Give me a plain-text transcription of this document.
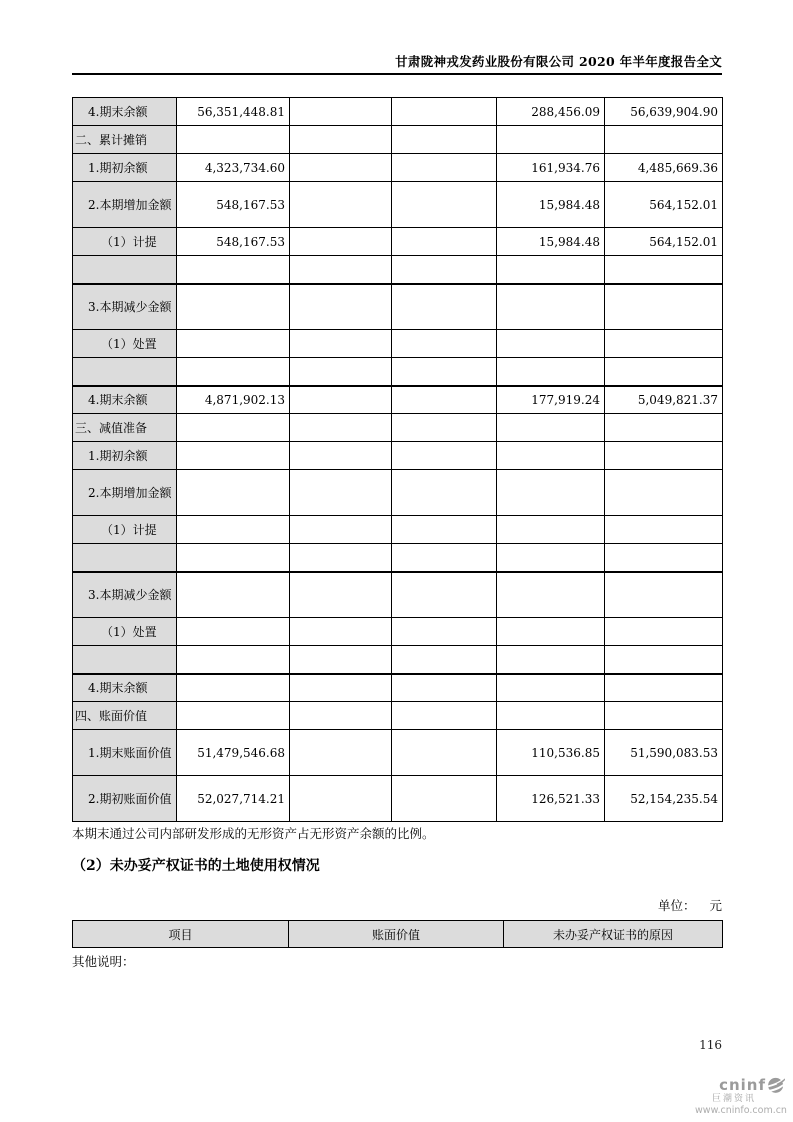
甘肃陇神戎发药业股份有限公司 2020 年半年度报告全文
4.期末余额	56,351,448.81			288,456.09	56,639,904.90
二、累计摊销					
1.期初余额	4,323,734.60			161,934.76	4,485,669.36
2.本期增加金额	548,167.53			15,984.48	564,152.01
（1）计提	548,167.53			15,984.48	564,152.01

3.本期减少金额					
（1）处置					

4.期末余额	4,871,902.13			177,919.24	5,049,821.37
三、减值准备					
1.期初余额					
2.本期增加金额					
（1）计提					

3.本期减少金额					
（1）处置					

4.期末余额					
四、账面价值					
1.期末账面价值	51,479,546.68			110,536.85	51,590,083.53
2.期初账面价值	52,027,714.21			126,521.33	52,154,235.54
本期末通过公司内部研发形成的无形资产占无形资产余额的比例。
（2）未办妥产权证书的土地使用权情况
单位： 元
项目	账面价值	未办妥产权证书的原因
其他说明：
116
cninf
巨潮资讯
www.cninfo.com.cn
